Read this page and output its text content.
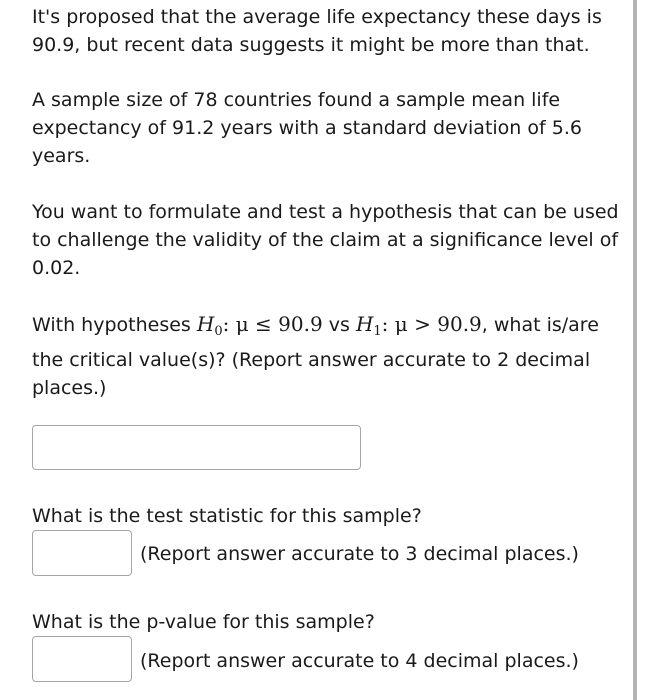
It's proposed that the average life expectancy these days is 90.9, but recent data suggests it might be more than that.

A sample size of 78 countries found a sample mean life expectancy of 91.2 years with a standard deviation of 5.6 years.

You want to formulate and test a hypothesis that can be used to challenge the validity of the claim at a significance level of 0.02.

With hypotheses $H_0$: μ ≤ 90.9 vs $H_1$: μ > 90.9, what is/are the critical value(s)? (Report answer accurate to 2 decimal places.)

What is the test statistic for this sample?

(Report answer accurate to 3 decimal places.)

What is the p-value for this sample?

(Report answer accurate to 4 decimal places.)
